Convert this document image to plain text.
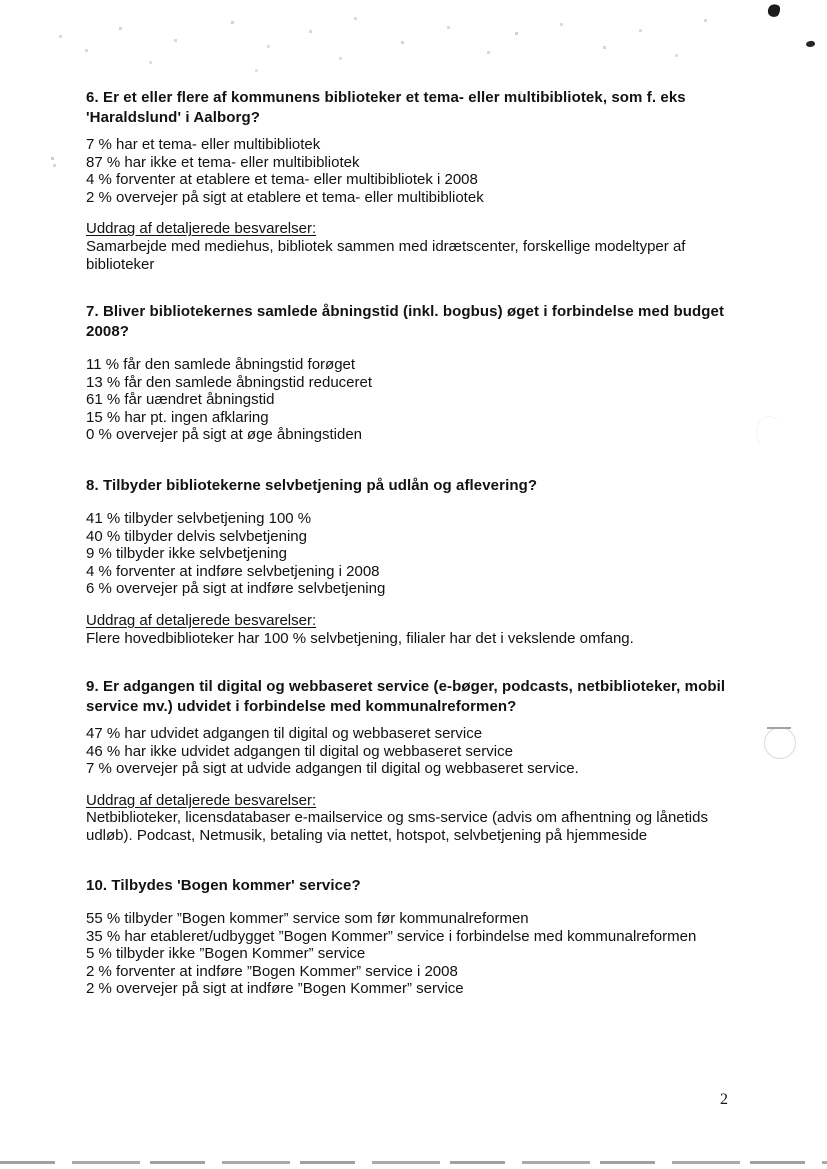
6. Er et eller flere af kommunens biblioteker et tema- eller multibibliotek, som f. eks
'Haraldslund' i Aalborg?
7 % har et tema- eller multibibliotek
87 % har ikke et tema- eller multibibliotek
4 % forventer at etablere et tema- eller multibibliotek i 2008
2 % overvejer på sigt at etablere et tema- eller multibibliotek
Uddrag af detaljerede besvarelser:
Samarbejde med mediehus, bibliotek sammen med idrætscenter, forskellige modeltyper af
biblioteker
7. Bliver bibliotekernes samlede åbningstid (inkl. bogbus) øget i forbindelse med budget
2008?
11 % får den samlede åbningstid forøget
13 % får den samlede åbningstid reduceret
61 % får uændret åbningstid
15 % har pt. ingen afklaring
0 % overvejer på sigt at øge åbningstiden
8. Tilbyder bibliotekerne selvbetjening på udlån og aflevering?
41 % tilbyder selvbetjening 100 %
40 % tilbyder delvis selvbetjening
9 % tilbyder ikke selvbetjening
4 % forventer at indføre selvbetjening i 2008
6 % overvejer på sigt at indføre selvbetjening
Uddrag af detaljerede besvarelser:
Flere hovedbiblioteker har 100 % selvbetjening, filialer har det i vekslende omfang.
9. Er adgangen til digital og webbaseret service (e-bøger, podcasts, netbiblioteker, mobil
service mv.) udvidet i forbindelse med kommunalreformen?
47 % har udvidet adgangen til digital og webbaseret service
46 % har ikke udvidet adgangen til digital og webbaseret service
7 % overvejer på sigt at udvide adgangen til digital og webbaseret service.
Uddrag af detaljerede besvarelser:
Netbiblioteker, licensdatabaser e-mailservice og sms-service (advis om afhentning og lånetids
udløb). Podcast, Netmusik, betaling via nettet, hotspot, selvbetjening på hjemmeside
10. Tilbydes 'Bogen kommer' service?
55 % tilbyder ”Bogen kommer” service som før kommunalreformen
35 % har etableret/udbygget ”Bogen Kommer” service i forbindelse med kommunalreformen
5 % tilbyder ikke ”Bogen Kommer” service
2 % forventer at indføre ”Bogen Kommer” service i 2008
2 % overvejer på sigt at indføre ”Bogen Kommer” service
2
